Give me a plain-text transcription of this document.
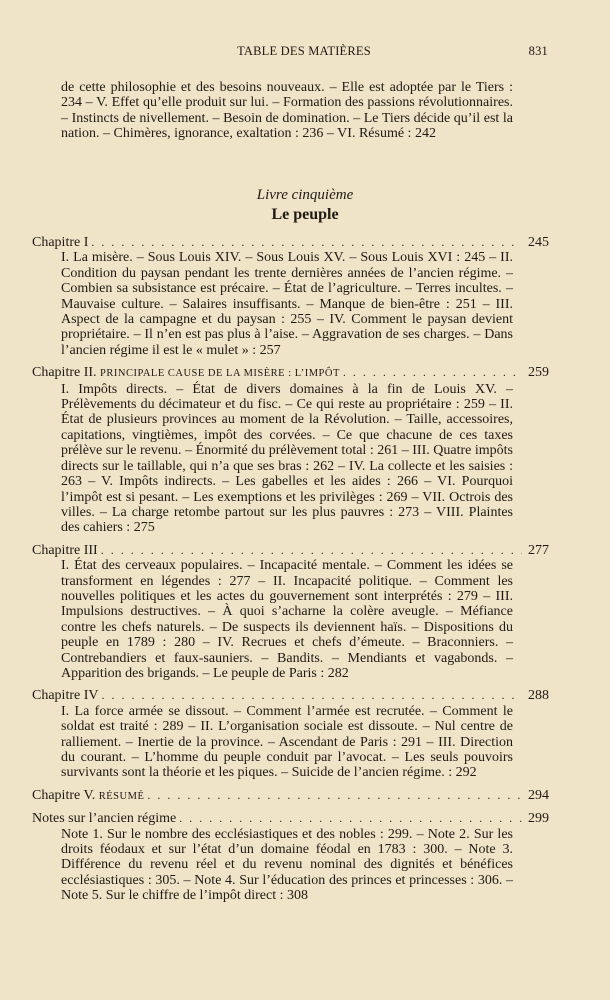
TABLE DES MATIÈRES	831
de cette philosophie et des besoins nouveaux. – Elle est adoptée par le Tiers : 234 – V. Effet qu’elle produit sur lui. – Formation des passions révolutionnaires. – Instincts de nivellement. – Besoin de domination. – Le Tiers décide qu’il est la nation. – Chimères, ignorance, exaltation : 236 – VI. Résumé : 242
Livre cinquième
Le peuple
Chapitre I . . .	245
I. La misère. – Sous Louis XIV. – Sous Louis XV. – Sous Louis XVI : 245 – II. Condition du paysan pendant les trente dernières années de l’ancien régime. – Combien sa subsistance est précaire. – État de l’agriculture. – Terres incultes. – Mauvaise culture. – Salaires insuffisants. – Manque de bien-être : 251 – III. Aspect de la campagne et du paysan : 255 – IV. Comment le paysan devient propriétaire. – Il n’en est pas plus à l’aise. – Aggravation de ses charges. – Dans l’ancien régime il est le « mulet » : 257
Chapitre II. PRINCIPALE CAUSE DE LA MISÈRE : L’IMPÔT . . .	259
I. Impôts directs. – État de divers domaines à la fin de Louis XV. – Prélèvements du décimateur et du fisc. – Ce qui reste au propriétaire : 259 – II. État de plusieurs provinces au moment de la Révolution. – Taille, accessoires, capitations, vingtièmes, impôt des corvées. – Ce que chacune de ces taxes prélève sur le revenu. – Énormité du prélèvement total : 261 – III. Quatre impôts directs sur le taillable, qui n’a que ses bras : 262 – IV. La collecte et les saisies : 263 – V. Impôts indirects. – Les gabelles et les aides : 266 – VI. Pourquoi l’impôt est si pesant. – Les exemptions et les privilèges : 269 – VII. Octrois des villes. – La charge retombe partout sur les plus pauvres : 273 – VIII. Plaintes des cahiers : 275
Chapitre III . . .	277
I. État des cerveaux populaires. – Incapacité mentale. – Comment les idées se transforment en légendes : 277 – II. Incapacité politique. – Comment les nouvelles politiques et les actes du gouvernement sont interprétés : 279 – III. Impulsions destructives. – À quoi s’acharne la colère aveugle. – Méfiance contre les chefs naturels. – De suspects ils deviennent haïs. – Dispositions du peuple en 1789 : 280 – IV. Recrues et chefs d’émeute. – Braconniers. – Contrebandiers et faux-sauniers. – Bandits. – Mendiants et vagabonds. – Apparition des brigands. – Le peuple de Paris : 282
Chapitre IV . . .	288
I. La force armée se dissout. – Comment l’armée est recrutée. – Comment le soldat est traité : 289 – II. L’organisation sociale est dissoute. – Nul centre de ralliement. – Inertie de la province. – Ascendant de Paris : 291 – III. Direction du courant. – L’homme du peuple conduit par l’avocat. – Les seuls pouvoirs survivants sont la théorie et les piques. – Suicide de l’ancien régime. : 292
Chapitre V. RÉSUMÉ . . .	294
Notes sur l’ancien régime . . .	299
Note 1. Sur le nombre des ecclésiastiques et des nobles : 299. – Note 2. Sur les droits féodaux et sur l’état d’un domaine féodal en 1783 : 300. – Note 3. Différence du revenu réel et du revenu nominal des dignités et bénéfices ecclésiastiques : 305. – Note 4. Sur l’éducation des princes et princesses : 306. – Note 5. Sur le chiffre de l’impôt direct : 308
